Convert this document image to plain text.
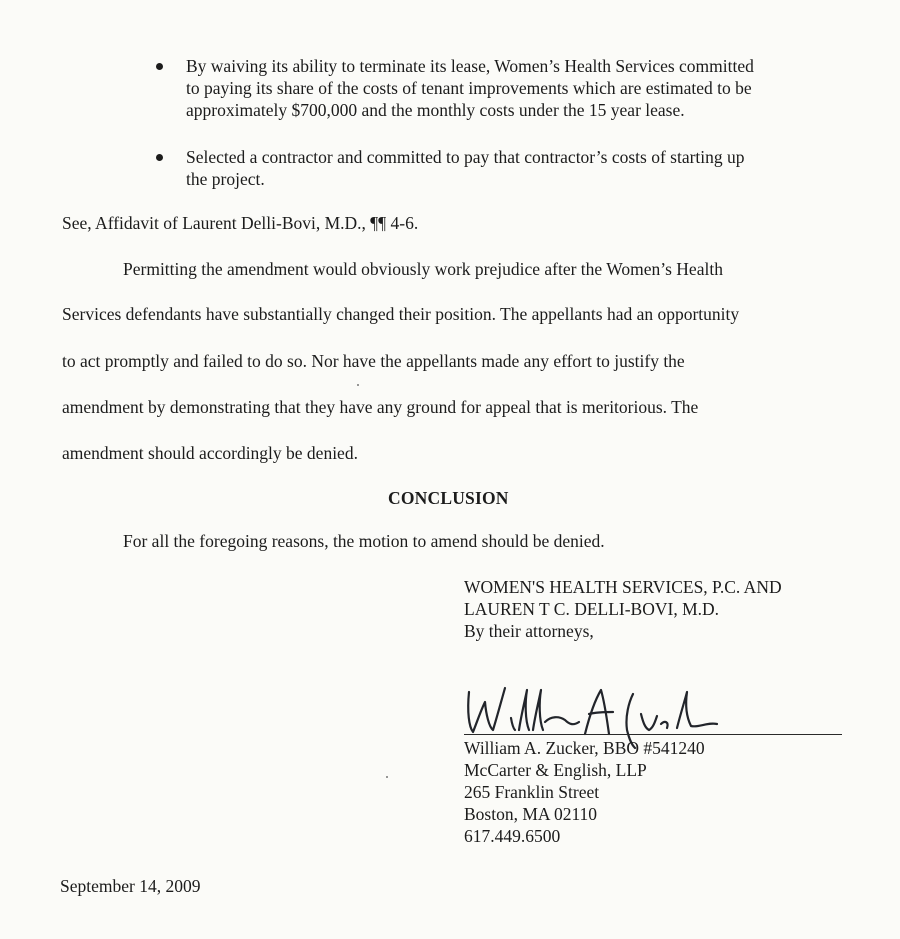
By waiving its ability to terminate its lease, Women’s Health Services committed
to paying its share of the costs of tenant improvements which are estimated to be
approximately $700,000 and the monthly costs under the 15 year lease.
Selected a contractor and committed to pay that contractor’s costs of starting up
the project.
See, Affidavit of Laurent Delli-Bovi, M.D., ¶¶ 4-6.
Permitting the amendment would obviously work prejudice after the Women’s Health
Services defendants have substantially changed their position. The appellants had an opportunity
to act promptly and failed to do so. Nor have the appellants made any effort to justify the
amendment by demonstrating that they have any ground for appeal that is meritorious. The
amendment should accordingly be denied.
CONCLUSION
For all the foregoing reasons, the motion to amend should be denied.
WOMEN'S HEALTH SERVICES, P.C. AND
LAUREN T C. DELLI-BOVI, M.D.
By their attorneys,
William A. Zucker, BBO #541240
McCarter & English, LLP
265 Franklin Street
Boston, MA 02110
617.449.6500
September 14, 2009
